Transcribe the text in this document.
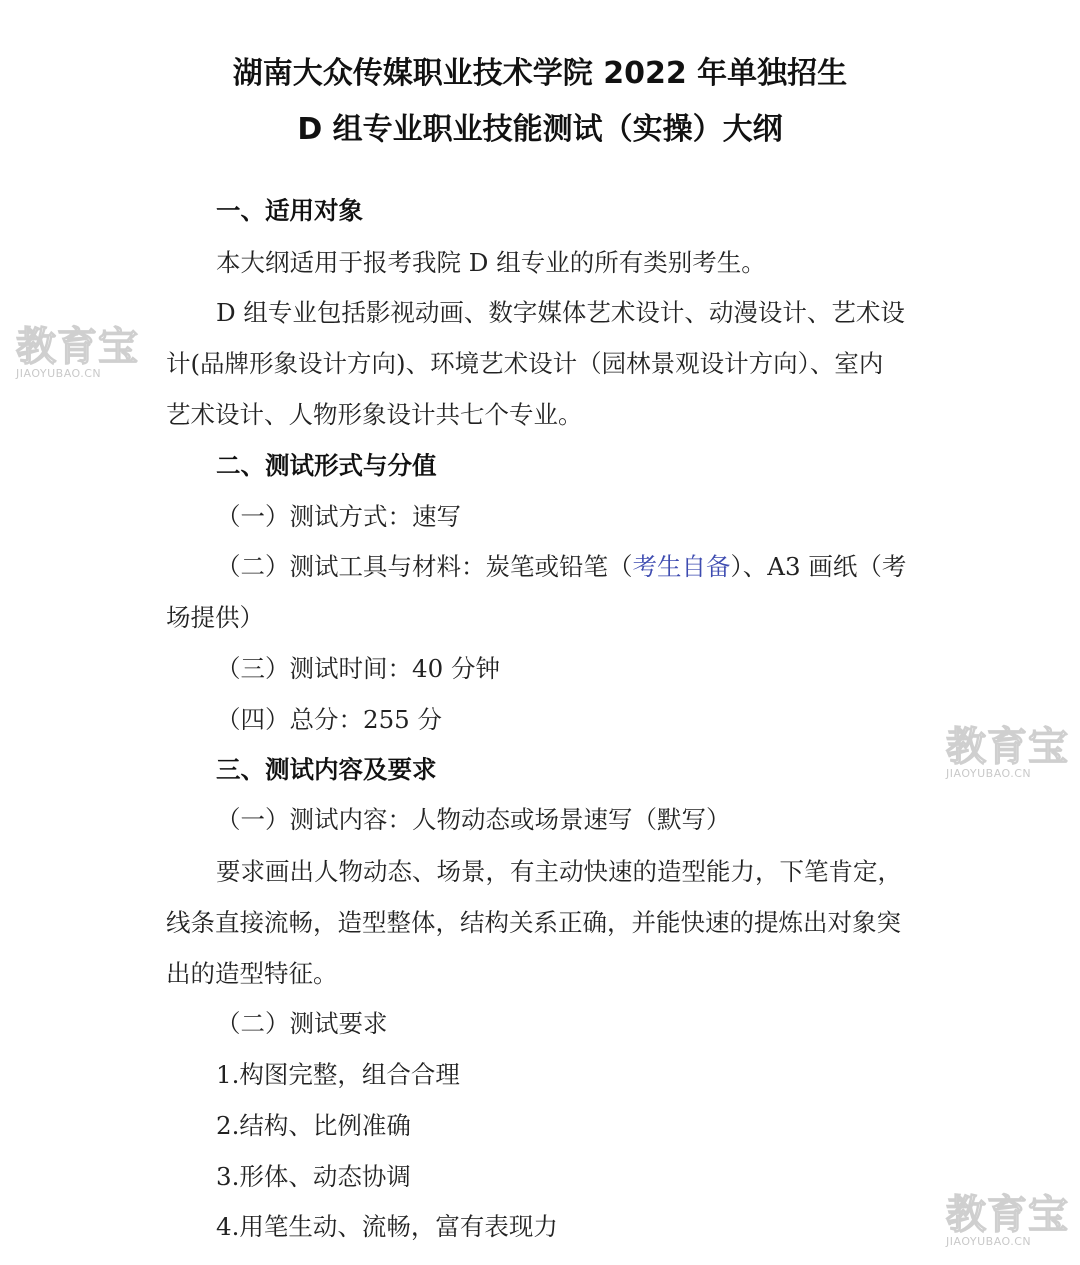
湖南大众传媒职业技术学院 2022 年单独招生
D 组专业职业技能测试（实操）大纲
一、适用对象
本大纲适用于报考我院 D 组专业的所有类别考生。
D 组专业包括影视动画、数字媒体艺术设计、动漫设计、艺术设
计(品牌形象设计方向)、环境艺术设计（园林景观设计方向）、室内
艺术设计、人物形象设计共七个专业。
二、测试形式与分值
（一）测试方式：速写
（二）测试工具与材料：炭笔或铅笔（考生自备）、A3 画纸（考
场提供）
（三）测试时间：40 分钟
（四）总分：255 分
三、测试内容及要求
（一）测试内容：人物动态或场景速写（默写）
要求画出人物动态、场景，有主动快速的造型能力，下笔肯定，
线条直接流畅，造型整体，结构关系正确，并能快速的提炼出对象突
出的造型特征。
（二）测试要求
1.构图完整，组合合理
2.结构、比例准确
3.形体、动态协调
4.用笔生动、流畅，富有表现力
教育宝
JIAOYUBAO.CN
教育宝
JIAOYUBAO.CN
教育宝
JIAOYUBAO.CN
